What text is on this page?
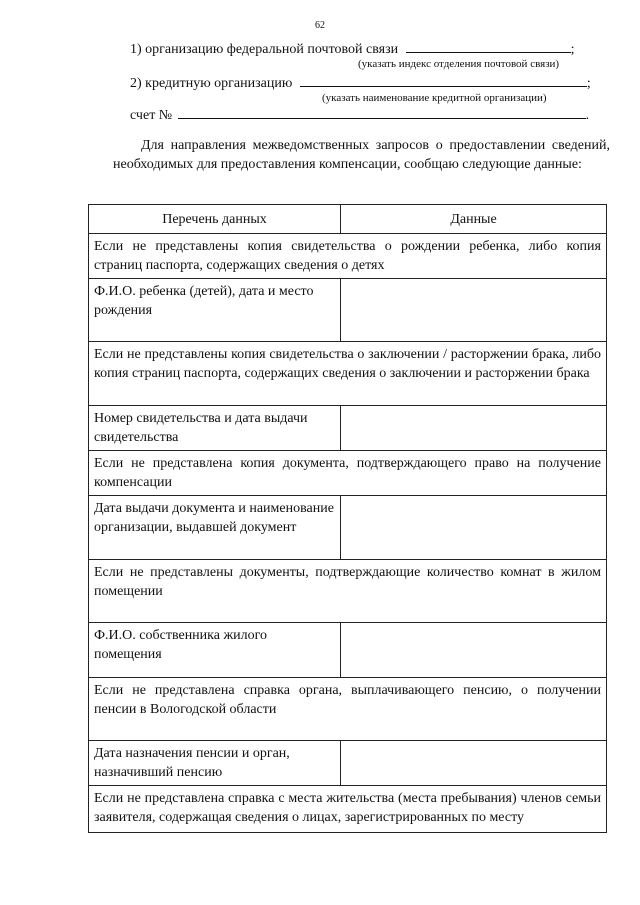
62
1) организацию федеральной почтовой связи	;
(указать индекс отделения почтовой связи)
2) кредитную организацию	;
(указать наименование кредитной организации)
счет №	.
Для направления межведомственных запросов о предоставлении сведений, необходимых для предоставления компенсации, сообщаю следующие данные:
Перечень данных	Данные
Если не представлены копия свидетельства о рождении ребенка, либо копия страниц паспорта, содержащих сведения о детях	
Ф.И.О. ребенка (детей), дата и место рождения	
Если не представлены копия свидетельства о заключении / расторжении брака, либо копия страниц паспорта, содержащих сведения о заключении и расторжении брака	
Номер свидетельства и дата выдачи свидетельства	
Если не представлена копия документа, подтверждающего право на получение компенсации	
Дата выдачи документа и наименование организации, выдавшей документ	
Если не представлены документы, подтверждающие количество комнат в жилом помещении	
Ф.И.О. собственника жилого помещения	
Если не представлена справка органа, выплачивающего пенсию, о получении пенсии в Вологодской области	
Дата назначения пенсии и орган, назначивший пенсию	
Если не представлена справка с места жительства (места пребывания) членов семьи заявителя, содержащая сведения о лицах, зарегистрированных по месту	
